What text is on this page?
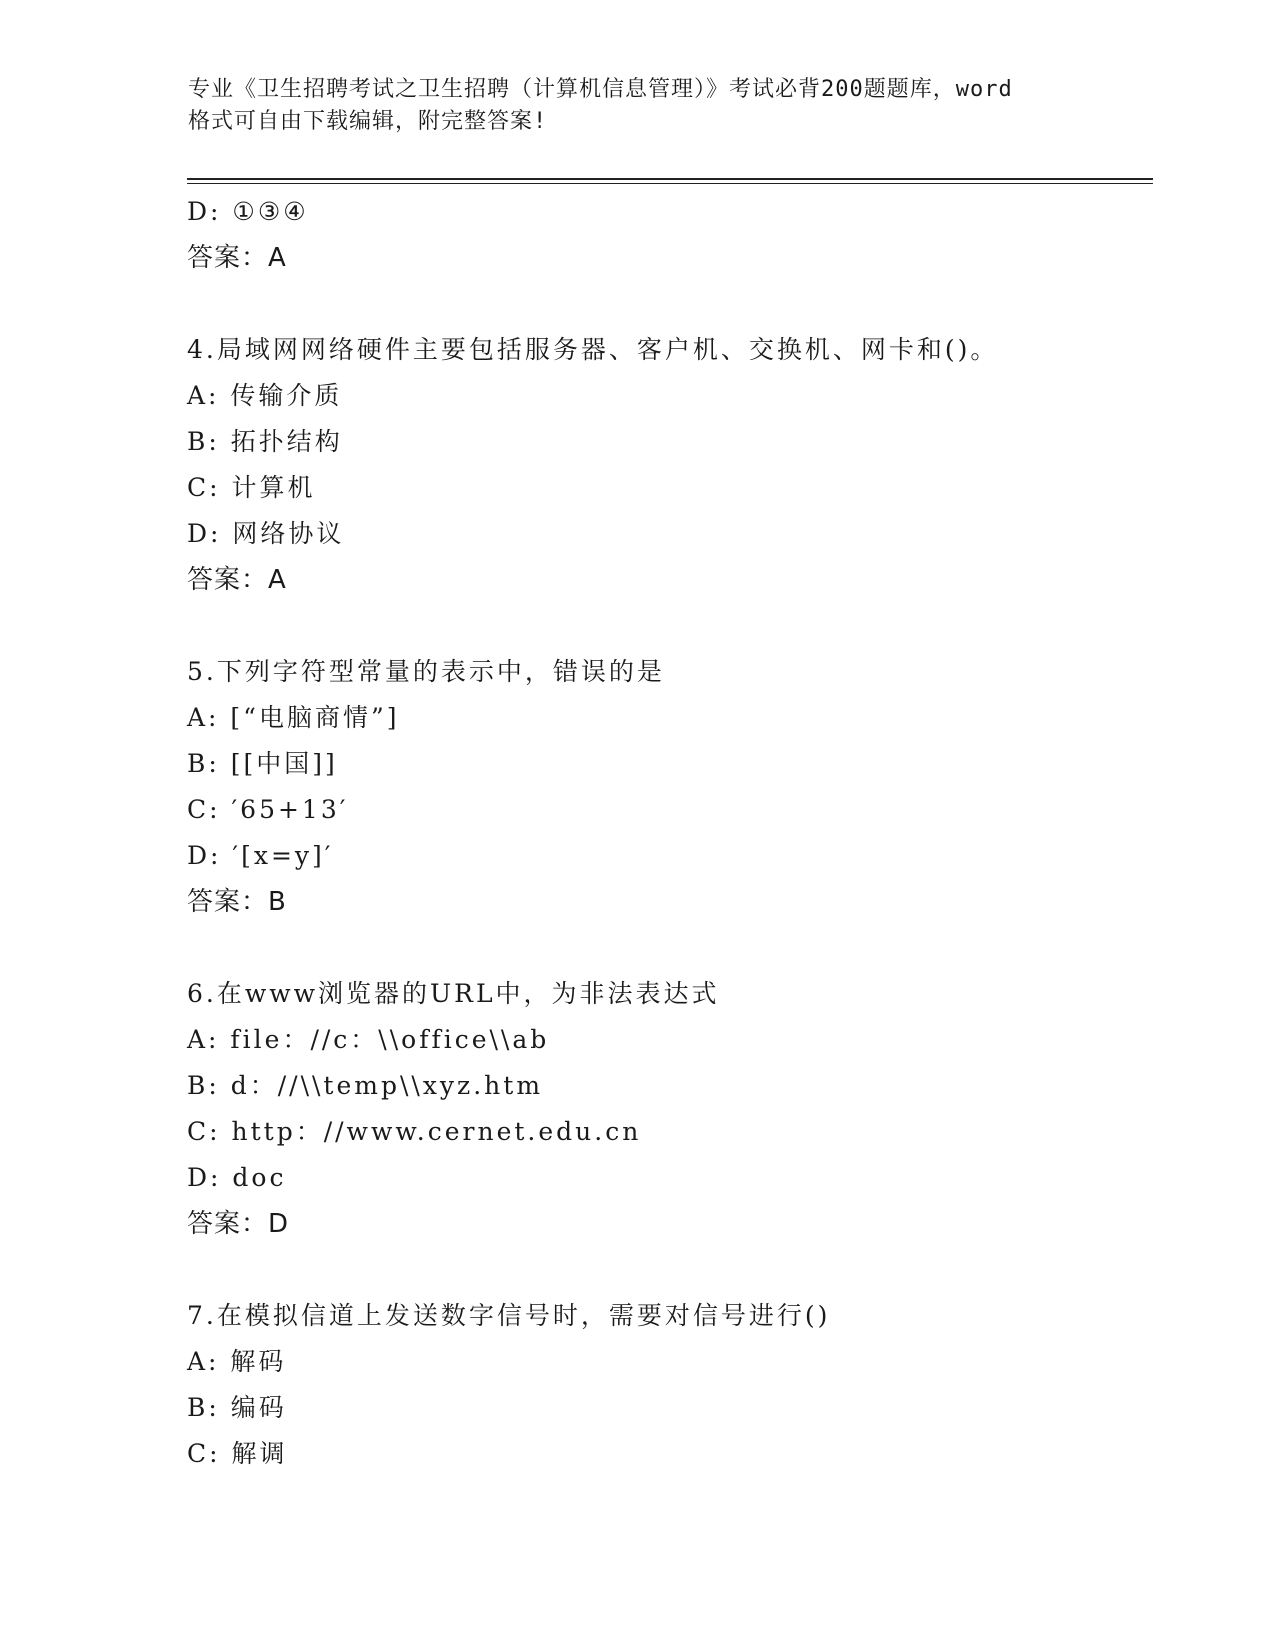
专业《卫生招聘考试之卫生招聘（计算机信息管理）》考试必背200题题库，word
格式可自由下载编辑，附完整答案!
D: ①③④
答案：A
4.局域网网络硬件主要包括服务器、客户机、交换机、网卡和()。
A: 传输介质
B: 拓扑结构
C: 计算机
D: 网络协议
答案：A
5.下列字符型常量的表示中，错误的是
A: [“电脑商情”]
B: [[中国]]
C: ′65+13′
D: ′[x=y]′
答案：B
6.在www浏览器的URL中，为非法表达式
A: file：//c：\\office\\ab
B: d：//\\temp\\xyz.htm
C: http：//www.cernet.edu.cn
D: doc
答案：D
7.在模拟信道上发送数字信号时，需要对信号进行()
A: 解码
B: 编码
C: 解调
